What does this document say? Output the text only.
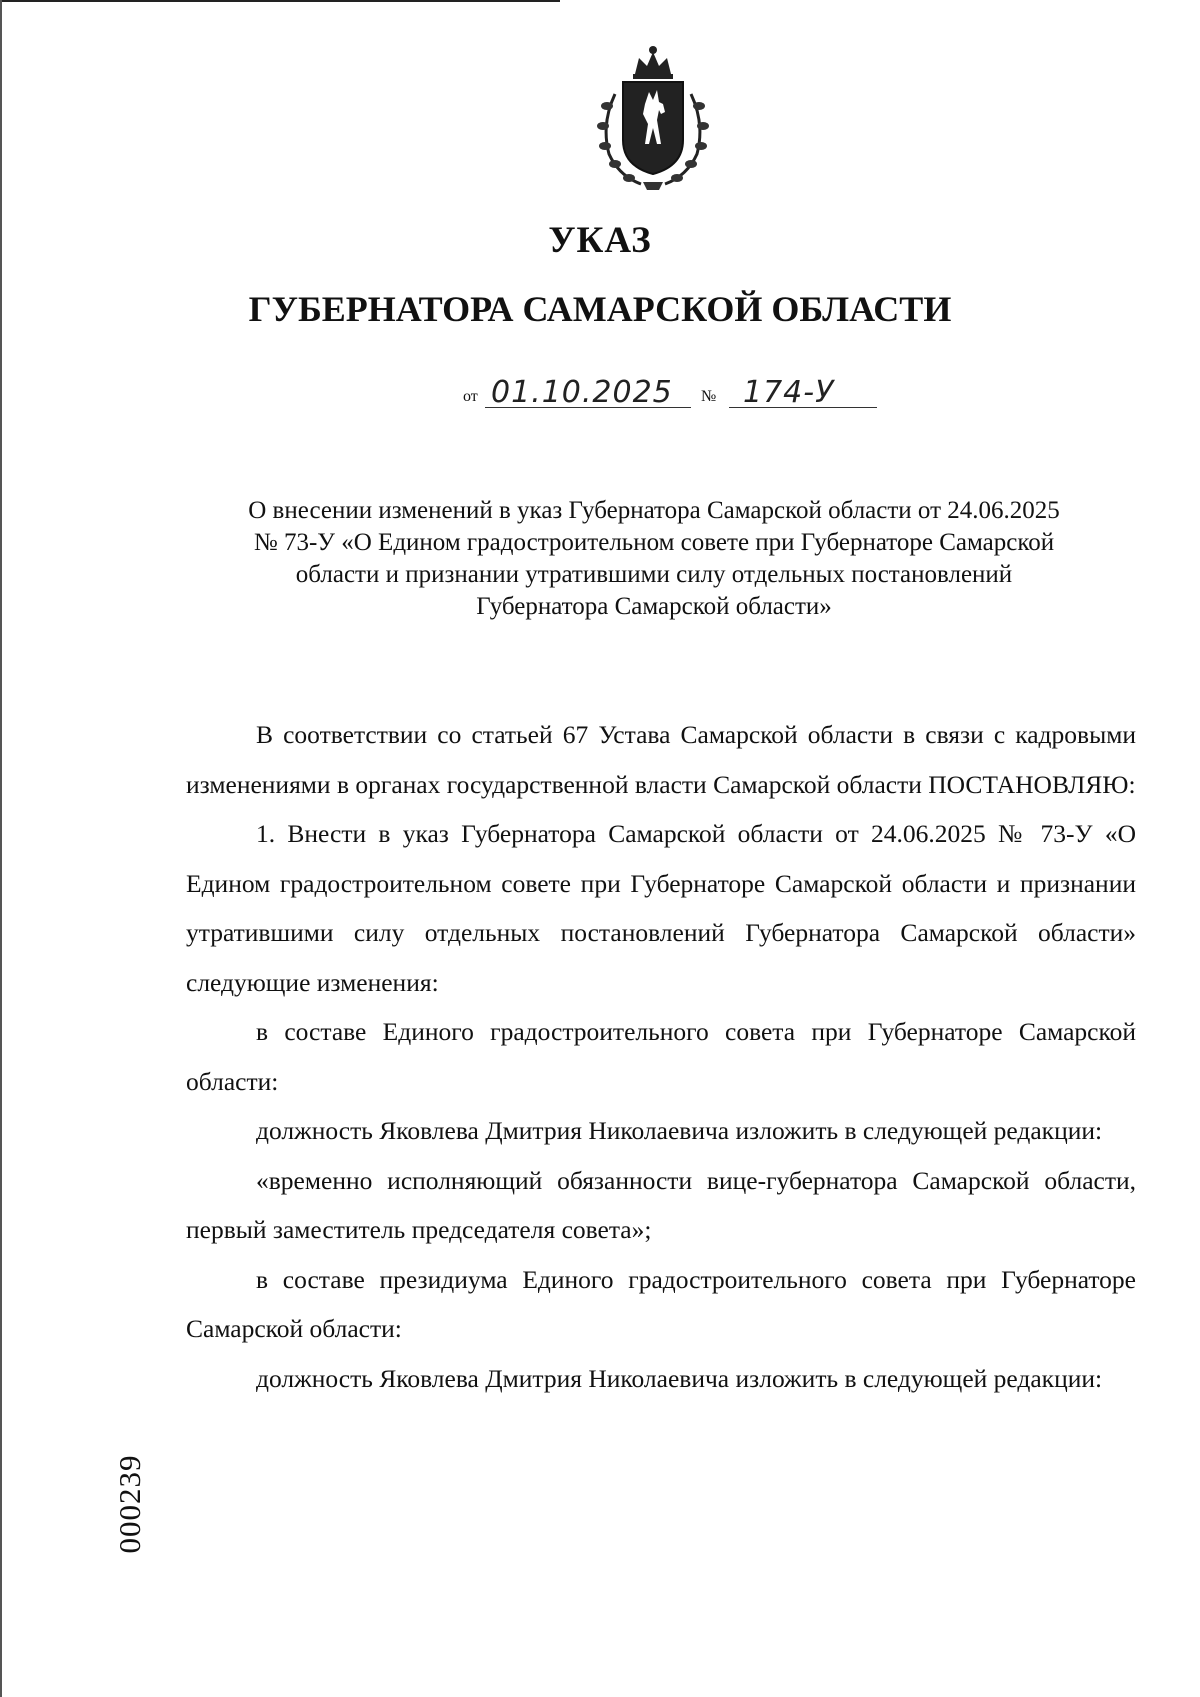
УКАЗ
ГУБЕРНАТОРА САМАРСКОЙ ОБЛАСТИ
от 01.10.2025 № 174-У
О внесении изменений в указ Губернатора Самарской области от 24.06.2025
№ 73-У «О Едином градостроительном совете при Губернаторе Самарской
области и признании утратившими силу отдельных постановлений
Губернатора Самарской области»

В соответствии со статьей 67 Устава Самарской области в связи с кадровыми изменениями в органах государственной власти Самарской области ПОСТАНОВЛЯЮ:

1. Внести в указ Губернатора Самарской области от 24.06.2025 № 73-У «О Едином градостроительном совете при Губернаторе Самарской области и признании утратившими силу отдельных постановлений Губернатора Самарской области» следующие изменения:

в составе Единого градостроительного совета при Губернаторе Самарской области:

должность Яковлева Дмитрия Николаевича изложить в следующей редакции:

«временно исполняющий обязанности вице-губернатора Самарской области, первый заместитель председателя совета»;

в составе президиума Единого градостроительного совета при Губернаторе Самарской области:

должность Яковлева Дмитрия Николаевича изложить в следующей редакции:

000239
